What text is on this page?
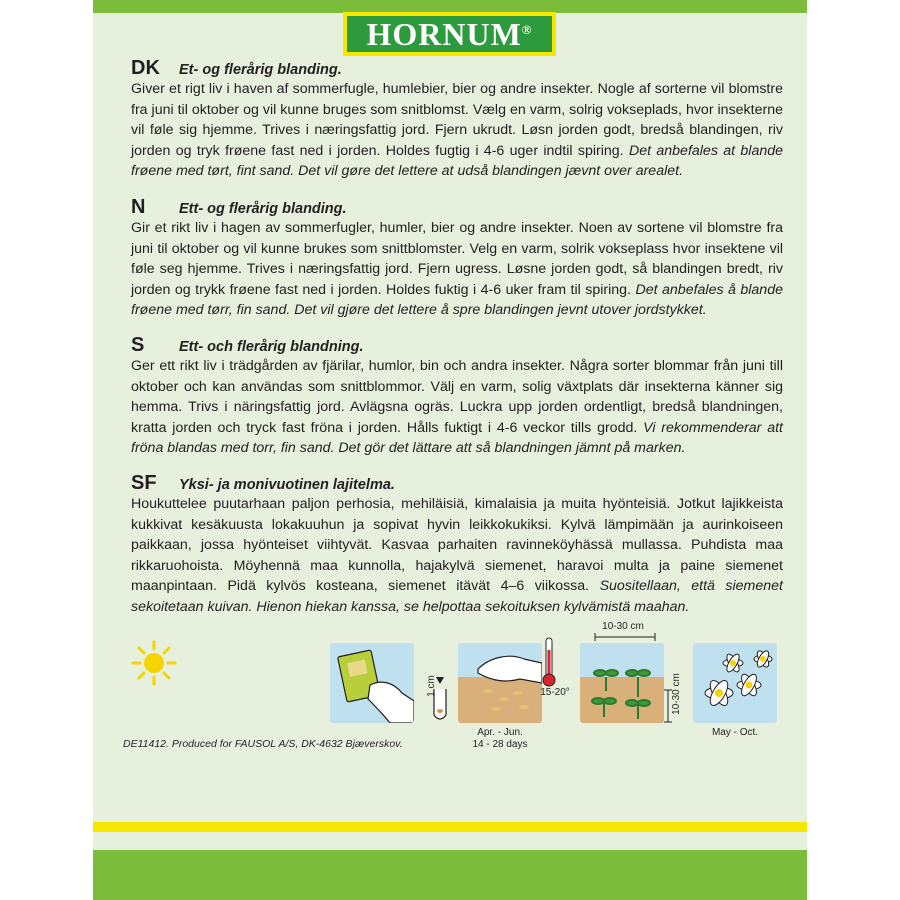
HORNUM®
DK Et- og flerårig blanding.

Giver et rigt liv i haven af sommerfugle, humlebier, bier og andre insekter. Nogle af sorterne vil blomstre fra juni til oktober og vil kunne bruges som snitblomst. Vælg en varm, solrig vokseplads, hvor insekterne vil føle sig hjemme. Trives i næringsfattig jord. Fjern ukrudt. Løsn jorden godt, bredså blandingen, riv jorden og tryk frøene fast ned i jorden. Holdes fugtig i 4-6 uger indtil spiring. Det anbefales at blande frøene med tørt, fint sand. Det vil gøre det lettere at udså blandingen jævnt over arealet.

N Ett- og flerårig blanding.

Gir et rikt liv i hagen av sommerfugler, humler, bier og andre insekter. Noen av sortene vil blomstre fra juni til oktober og vil kunne brukes som snittblomster. Velg en varm, solrik vokseplass hvor insektene vil føle seg hjemme. Trives i næringsfattig jord. Fjern ugress. Løsne jorden godt, så blandingen bredt, riv jorden og trykk frøene fast ned i jorden. Holdes fuktig i 4-6 uker fram til spiring. Det anbefales å blande frøene med tørr, fin sand. Det vil gjøre det lettere å spre blandingen jevnt utover jordstykket.

S Ett- och flerårig blandning.

Ger ett rikt liv i trädgården av fjärilar, humlor, bin och andra insekter. Några sorter blommar från juni till oktober och kan användas som snittblommor. Välj en varm, solig växtplats där insekterna känner sig hemma. Trivs i näringsfattig jord. Avlägsna ogräs. Luckra upp jorden ordentligt, bredså blandningen, kratta jorden och tryck fast fröna i jorden. Hålls fuktigt i 4-6 veckor tills grodd. Vi rekommenderar att fröna blandas med torr, fin sand. Det gör det lättare att så blandningen jämnt på marken.

SF Yksi- ja monivuotinen lajitelma.

Houkuttelee puutarhaan paljon perhosia, mehiläisiä, kimalaisia ja muita hyönteisiä. Jotkut lajikkeista kukkivat kesäkuusta lokakuuhun ja sopivat hyvin leikkokukiksi. Kylvä lämpimään ja aurinkoiseen paikkaan, jossa hyönteiset viihtyvät. Kasvaa parhaiten ravinneköyhässä mullassa. Puhdista maa rikkaruohoista. Möyhennä maa kunnolla, hajakylvä siemenet, haravoi multa ja paine siemenet maanpintaan. Pidä kylvös kosteana, siemenet itävät 4–6 viikossa. Suositellaan, että siemenet sekoitetaan kuivan. Hienon hiekan kanssa, se helpottaa sekoituksen kylvämistä maahan.

1 cm	15-20°
10-30 cm
10-30 cm
Apr. - Jun.
14 - 28 days
May - Oct.
DE11412. Produced for FAUSOL A/S, DK-4632 Bjæverskov.
